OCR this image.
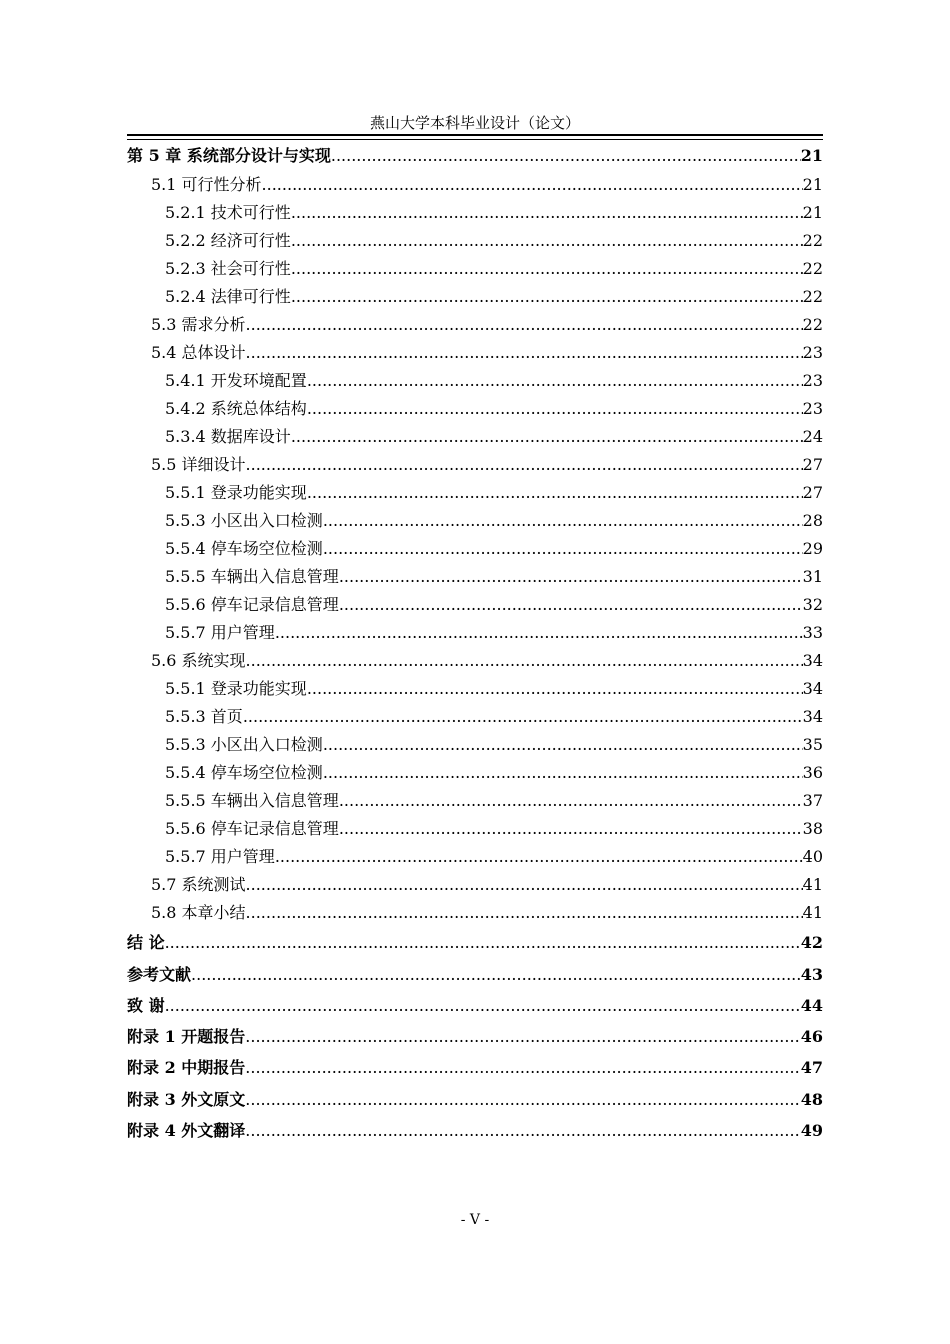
燕山大学本科毕业设计（论文）
第 5 章 系统部分设计与实现 .....	21
5.1 可行性分析 .....	21
5.2.1 技术可行性 .....	21
5.2.2 经济可行性 .....	22
5.2.3 社会可行性 .....	22
5.2.4 法律可行性 .....	22
5.3 需求分析 .....	22
5.4 总体设计 .....	23
5.4.1 开发环境配置 .....	23
5.4.2 系统总体结构 .....	23
5.3.4 数据库设计 .....	24
5.5 详细设计 .....	27
5.5.1 登录功能实现 .....	27
5.5.3 小区出入口检测 .....	28
5.5.4 停车场空位检测 .....	29
5.5.5 车辆出入信息管理 .....	31
5.5.6 停车记录信息管理 .....	32
5.5.7 用户管理 .....	33
5.6 系统实现 .....	34
5.5.1 登录功能实现 .....	34
5.5.3 首页 .....	34
5.5.3 小区出入口检测 .....	35
5.5.4 停车场空位检测 .....	36
5.5.5 车辆出入信息管理 .....	37
5.5.6 停车记录信息管理 .....	38
5.5.7 用户管理 .....	40
5.7 系统测试 .....	41
5.8 本章小结 .....	41
结 论 .....	42
参考文献 .....	43
致 谢 .....	44
附录 1 开题报告 .....	46
附录 2 中期报告 .....	47
附录 3 外文原文 .....	48
附录 4 外文翻译 .....	49
- V -
